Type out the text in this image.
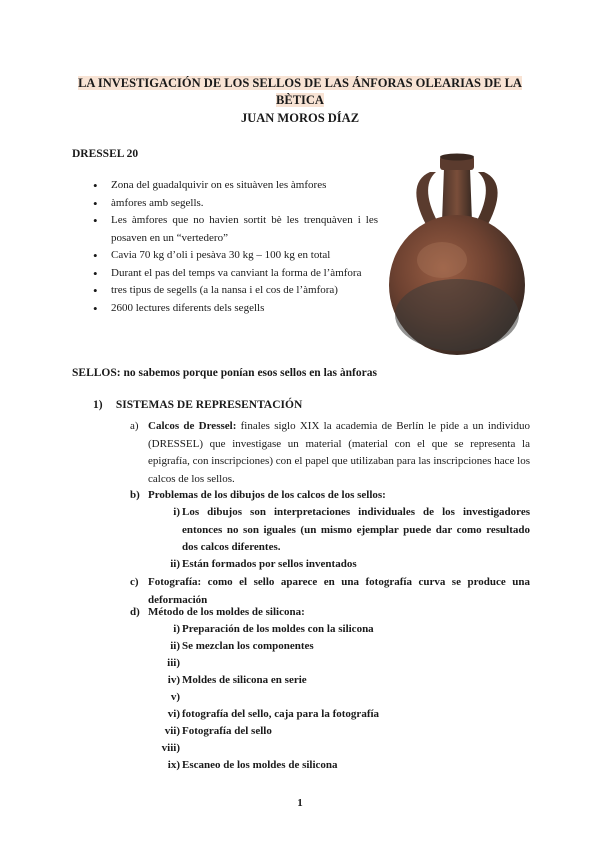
LA INVESTIGACIÓN DE LOS SELLOS DE LAS ÁNFORAS OLEARIAS DE LA
BÈTICA
JUAN MOROS DÍAZ
DRESSEL 20
• Zona del guadalquivir on es situàven les àmfores
• àmfores amb segells.
• Les àmfores que no havien sortit bè les trenquàven i les posaven en un “vertedero”
• Cavia 70 kg d’oli i pesàva 30 kg – 100 kg en total
• Durant el pas del temps va canviant la forma de l’àmfora
• tres tipus de segells (a la nansa i el cos de l’àmfora)
• 2600 lectures diferents dels segells
SELLOS: no sabemos porque ponían esos sellos en las ànforas
1) SISTEMAS DE REPRESENTACIÓN
a) Calcos de Dressel: finales siglo XIX la academia de Berlín le pide a un individuo (DRESSEL) que investigase un material (material con el que se representa la epigrafía, con inscripciones) con el papel que utilizaban para las inscripciones hace los calcos de los sellos.
b) Problemas de los dibujos de los calcos de los sellos:
i) Los dibujos son interpretaciones individuales de los investigadores entonces no son iguales (un mismo ejemplar puede dar como resultado dos calcos diferentes.
ii) Están formados por sellos inventados
c) Fotografía: como el sello aparece en una fotografía curva se produce una deformación
d) Método de los moldes de silicona:
i) Preparación de los moldes con la silicona
ii) Se mezclan los componentes
iii)
iv) Moldes de silicona en serie
v)
vi) fotografía del sello, caja para la fotografía
vii) Fotografía del sello
viii)
ix) Escaneo de los moldes de silicona
1
